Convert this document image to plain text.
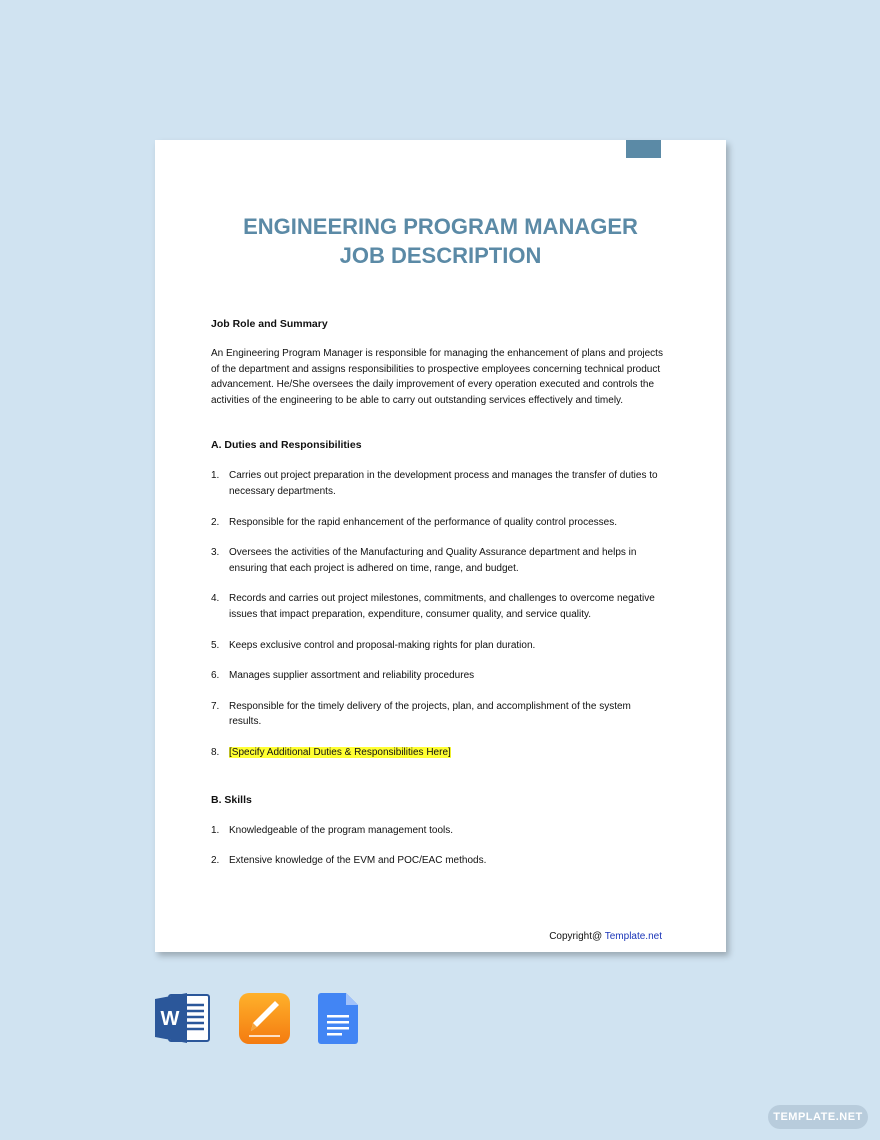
ENGINEERING PROGRAM MANAGER
JOB DESCRIPTION

Job Role and Summary

An Engineering Program Manager is responsible for managing the enhancement of plans and projects of the department and assigns responsibilities to prospective employees concerning technical product advancement. He/She oversees the daily improvement of every operation executed and controls the activities of the engineering to be able to carry out outstanding services effectively and timely.

A. Duties and Responsibilities

1. Carries out project preparation in the development process and manages the transfer of duties to necessary departments.
2. Responsible for the rapid enhancement of the performance of quality control processes.
3. Oversees the activities of the Manufacturing and Quality Assurance department and helps in ensuring that each project is adhered on time, range, and budget.
4. Records and carries out project milestones, commitments, and challenges to overcome negative issues that impact preparation, expenditure, consumer quality, and service quality.
5. Keeps exclusive control and proposal-making rights for plan duration.
6. Manages supplier assortment and reliability procedures
7. Responsible for the timely delivery of the projects, plan, and accomplishment of the system results.
8. [Specify Additional Duties & Responsibilities Here]

B. Skills

1. Knowledgeable of the program management tools.
2. Extensive knowledge of the EVM and POC/EAC methods.
Copyright@ Template.net
W
TEMPLATE.NET
